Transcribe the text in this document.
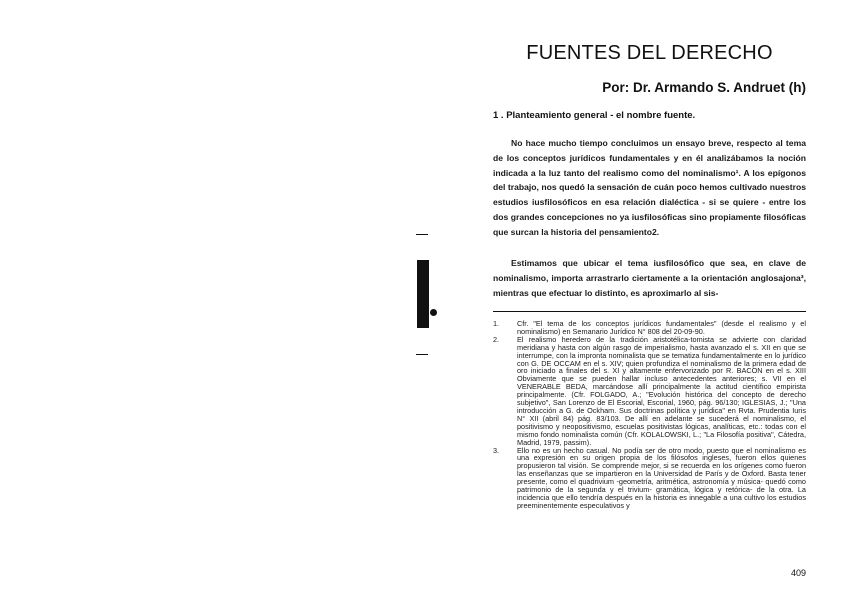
FUENTES DEL DERECHO
Por: Dr. Armando S. Andruet (h)
1 . Planteamiento general - el nombre fuente.

No hace mucho tiempo concluimos un ensayo breve, respecto al tema de los conceptos jurídicos fundamentales y en él analizábamos la noción indicada a la luz tanto del realismo como del nominalismo¹. A los epígonos del trabajo, nos quedó la sensación de cuán poco hemos cultivado nuestros estudios iusfilosóficos en esa relación dialéctica - si se quiere - entre los dos grandes concepciones no ya iusfilosóficas sino propiamente filosóficas que surcan la historia del pensamiento2.

Estimamos que ubicar el tema iusfilosófico que sea, en clave de nominalismo, importa arrastrarlo ciertamente a la orientación anglosajona³, mientras que efectuar lo distinto, es aproximarlo al sis-

1.	Cfr. "El tema de los conceptos jurídicos fundamentales" (desde el realismo y el nominalismo) en Semanario Jurídico N° 808 del 20-09-90.
2.	El realismo heredero de la tradición aristotélica-tomista se advierte con claridad meridiana y hasta con algún rasgo de imperialismo, hasta avanzado el s. XII en que se interrumpe, con la impronta nominalista que se tematiza fundamentalmente en lo jurídico con G. DE OCCAM en el s. XIV; quien profundiza el nominalismo de la primera edad de oro iniciado a finales del s. XI y altamente enfervorizado por R. BACON en el s. XIII Obviamente que se pueden hallar incluso antecedentes anteriores; s. VII en el VENERABLE BEDA, marcándose allí principalmente la actitud científico empirista principalmente. (Cfr. FOLGADO, A.; "Evolución histórica del concepto de derecho subjetivo", San Lorenzo de El Escorial, Escorial, 1960, pág. 96/130; IGLESIAS, J.; "Una introducción a G. de Ockham. Sus doctrinas política y jurídica" en Rvta. Prudentia Iuris N° XII (abril 84) pág. 83/103. De allí en adelante se sucederá el nominalismo, el positivismo y neopositivismo, escuelas positivistas lógicas, analíticas, etc.: todas con el mismo fondo nominalista común (Cfr. KOLALOWSKI, L.; "La Filosofía positiva", Cátedra, Madrid, 1979, passim).
3.	Ello no es un hecho casual. No podía ser de otro modo, puesto que el nominalismo es una expresión en su origen propia de los filósofos ingleses, fueron ellos quienes propusieron tal visión. Se comprende mejor, si se recuerda en los orígenes como fueron las enseñanzas que se impartieron en la Universidad de París y de Oxford. Basta tener presente, como el quadrivium -geometría, aritmética, astronomía y música- quedó como patrimonio de la segunda y el trivium- gramática, lógica y retórica- de la otra. La incidencia que ello tendría después en la historia es innegable a una cultivo los estudios preeminentemente especulativos y
409
